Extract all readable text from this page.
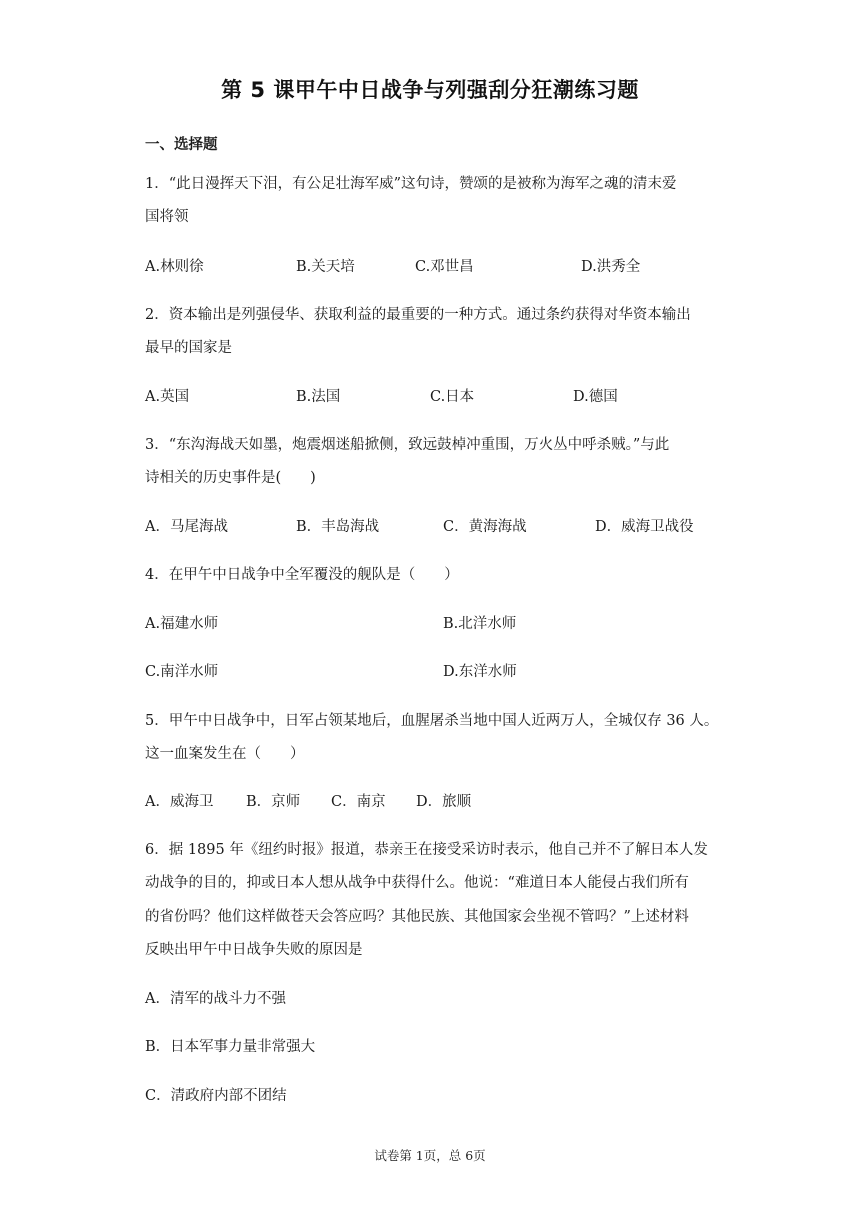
第 5 课甲午中日战争与列强刮分狂潮练习题
一、选择题
1．“此日漫挥天下泪，有公足壮海军威”这句诗，赞颂的是被称为海军之魂的清末爱
国将领
A.林则徐	B.关天培	C.邓世昌	D.洪秀全
2．资本输出是列强侵华、获取利益的最重要的一种方式。通过条约获得对华资本输出
最早的国家是
A.英国	B.法国	C.日本	D.德国
3．“东沟海战天如墨，炮震烟迷船掀侧，致远鼓棹冲重围，万火丛中呼杀贼。”与此
诗相关的历史事件是(　　)
A．马尾海战	B．丰岛海战	C．黄海海战	D．威海卫战役
4．在甲午中日战争中全军覆没的舰队是（　　）
A.福建水师	B.北洋水师
C.南洋水师	D.东洋水师
5．甲午中日战争中，日军占领某地后，血腥屠杀当地中国人近两万人，全城仅存 36 人。
这一血案发生在（　　）
A．威海卫 B．京师 C．南京 D．旅顺
6．据 1895 年《纽约时报》报道，恭亲王在接受采访时表示，他自己并不了解日本人发
动战争的目的，抑或日本人想从战争中获得什么。他说：“难道日本人能侵占我们所有
的省份吗？他们这样做苍天会答应吗？其他民族、其他国家会坐视不管吗？”上述材料
反映出甲午中日战争失败的原因是
A．清军的战斗力不强
B．日本军事力量非常强大
C．清政府内部不团结
试卷第 1页，总 6页
